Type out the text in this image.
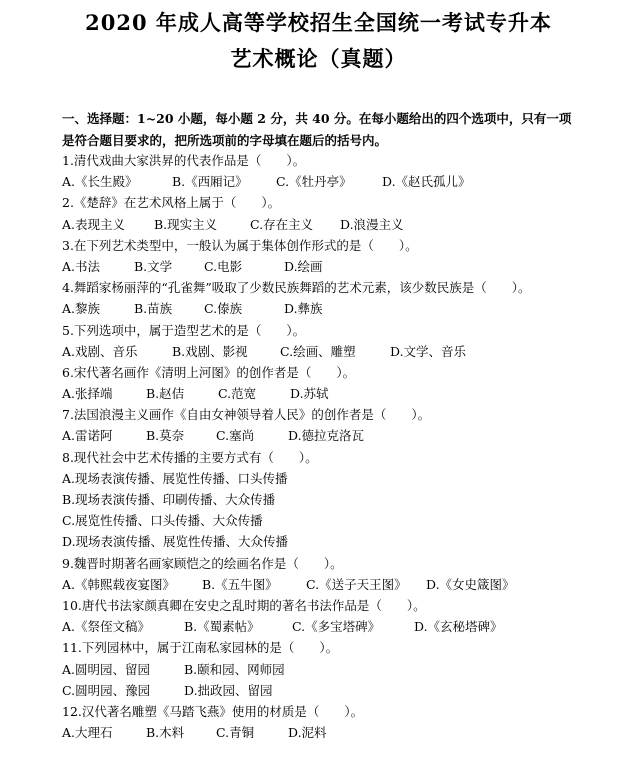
2020 年成人高等学校招生全国统一考试专升本
艺术概论（真题）
一、选择题：1~20 小题，每小题 2 分，共 40 分。在每小题给出的四个选项中，只有一项是符合题目要求的，把所选项前的字母填在题后的括号内。
1.清代戏曲大家洪昇的代表作品是（　　）。
A.《长生殿》	B.《西厢记》	C.《牡丹亭》	D.《赵氏孤儿》
2.《楚辞》在艺术风格上属于（　　）。
A.表现主义	B.现实主义	C.存在主义	D.浪漫主义
3.在下列艺术类型中，一般认为属于集体创作形式的是（　　）。
A.书法	B.文学	C.电影	D.绘画
4.舞蹈家杨丽萍的“孔雀舞”吸取了少数民族舞蹈的艺术元素，该少数民族是（　　）。
A.黎族	B.苗族	C.傣族	D.彝族
5.下列选项中，属于造型艺术的是（　　）。
A.戏剧、音乐	B.戏剧、影视	C.绘画、雕塑	D.文学、音乐
6.宋代著名画作《清明上河图》的创作者是（　　）。
A.张择端	B.赵佶	C.范宽	D.苏轼
7.法国浪漫主义画作《自由女神领导着人民》的创作者是（　　）。
A.雷诺阿	B.莫奈	C.塞尚	D.德拉克洛瓦
8.现代社会中艺术传播的主要方式有（　　）。
A.现场表演传播、展览性传播、口头传播
B.现场表演传播、印刷传播、大众传播
C.展览性传播、口头传播、大众传播
D.现场表演传播、展览性传播、大众传播
9.魏晋时期著名画家顾恺之的绘画名作是（　　）。
A.《韩熙载夜宴图》	B.《五牛图》	C.《送子天王图》	D.《女史箴图》
10.唐代书法家颜真卿在安史之乱时期的著名书法作品是（　　）。
A.《祭侄文稿》	B.《蜀素帖》	C.《多宝塔碑》	D.《玄秘塔碑》
11.下列园林中，属于江南私家园林的是（　　）。
A.圆明园、留园	B.颐和园、网师园
C.圆明园、豫园	D.拙政园、留园
12.汉代著名雕塑《马踏飞燕》使用的材质是（　　）。
A.大理石	B.木料	C.青铜	D.泥料
